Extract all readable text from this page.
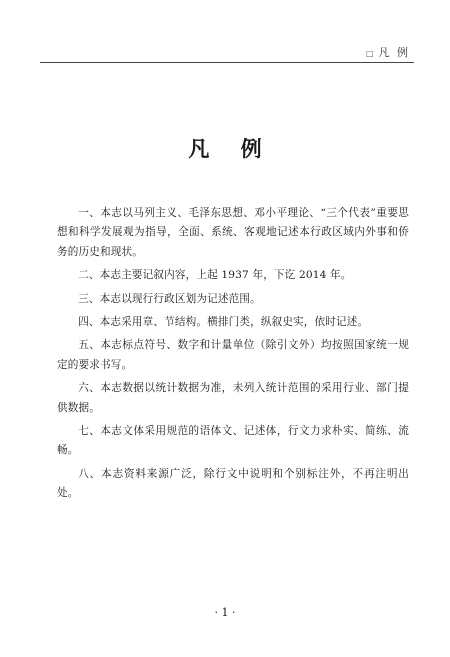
□ 凡 例
凡 例

一、本志以马列主义、毛泽东思想、邓小平理论、“三个代表”重要思想和科学发展观为指导，全面、系统、客观地记述本行政区域内外事和侨务的历史和现状。

二、本志主要记叙内容，上起 1937 年，下讫 2014 年。

三、本志以现行行政区划为记述范围。

四、本志采用章、节结构。横排门类，纵叙史实，依时记述。

五、本志标点符号、数字和计量单位（除引文外）均按照国家统一规定的要求书写。

六、本志数据以统计数据为准，未列入统计范围的采用行业、部门提供数据。

七、本志文体采用规范的语体文、记述体，行文力求朴实、简练、流畅。

八、本志资料来源广泛，除行文中说明和个别标注外，不再注明出处。

· 1 ·
